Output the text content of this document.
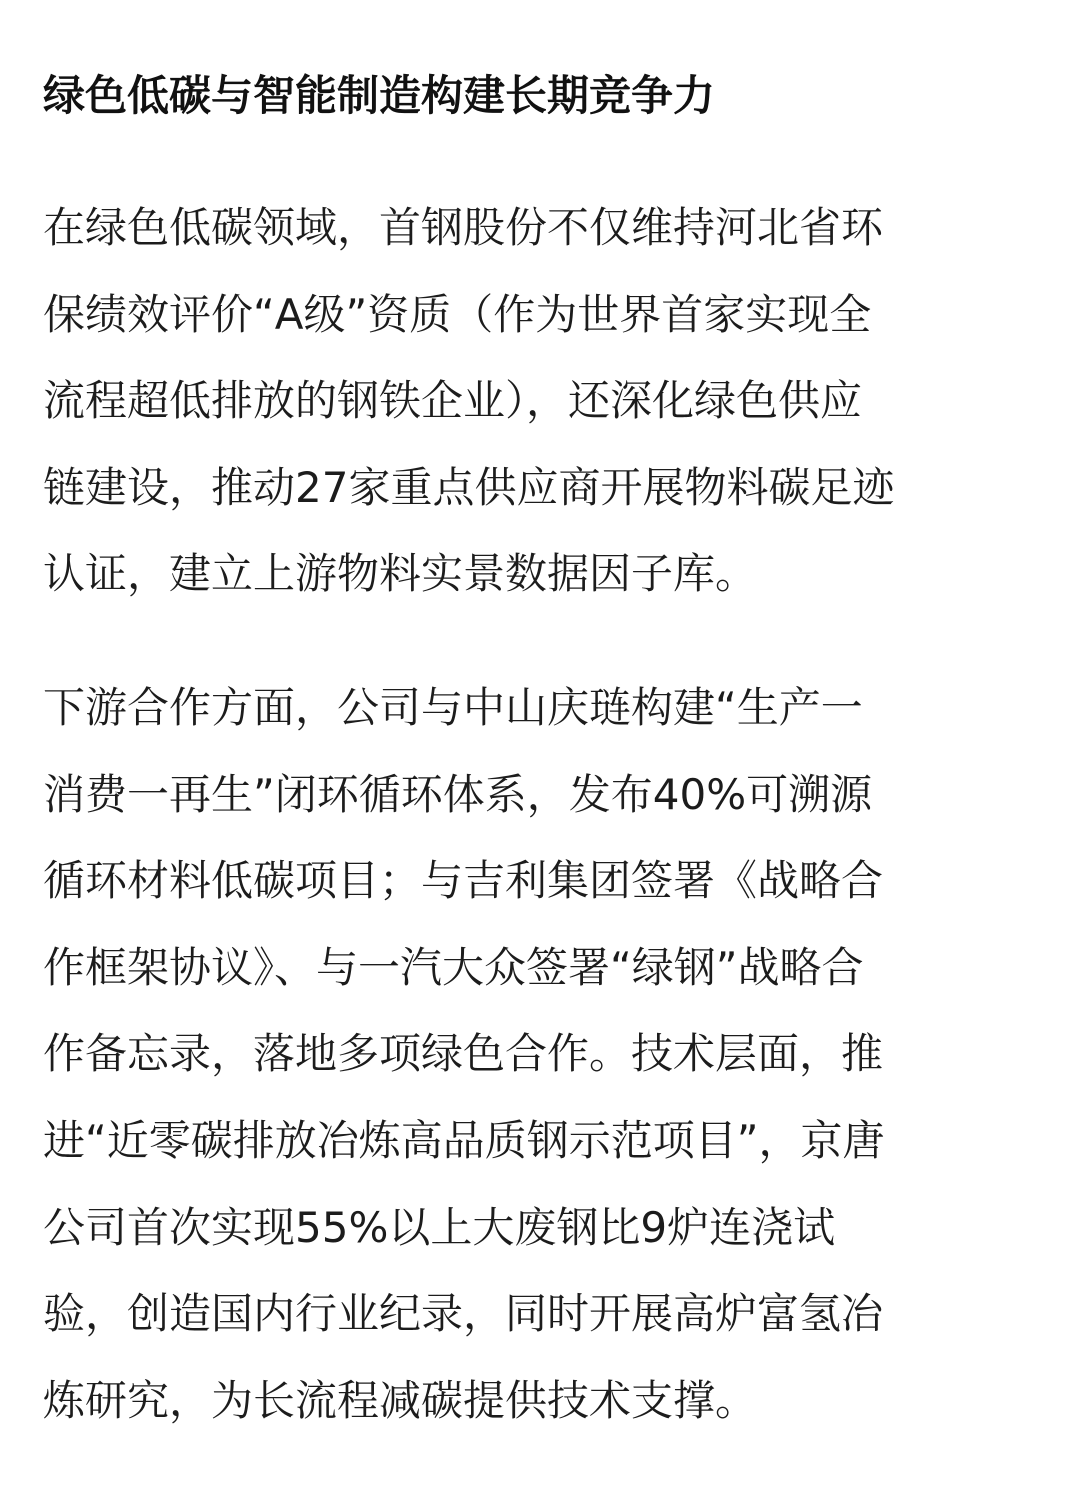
绿色低碳与智能制造构建长期竞争力

在绿色低碳领域，首钢股份不仅维持河北省环
保绩效评价“A级”资质（作为世界首家实现全
流程超低排放的钢铁企业），还深化绿色供应
链建设，推动27家重点供应商开展物料碳足迹
认证，建立上游物料实景数据因子库。

下游合作方面，公司与中山庆琏构建“生产一
消费一再生”闭环循环体系，发布40%可溯源
循环材料低碳项目；与吉利集团签署《战略合
作框架协议》、与一汽大众签署“绿钢”战略合
作备忘录，落地多项绿色合作。技术层面，推
进“近零碳排放冶炼高品质钢示范项目”，京唐
公司首次实现55%以上大废钢比9炉连浇试
验，创造国内行业纪录，同时开展高炉富氢冶
炼研究，为长流程减碳提供技术支撑。
